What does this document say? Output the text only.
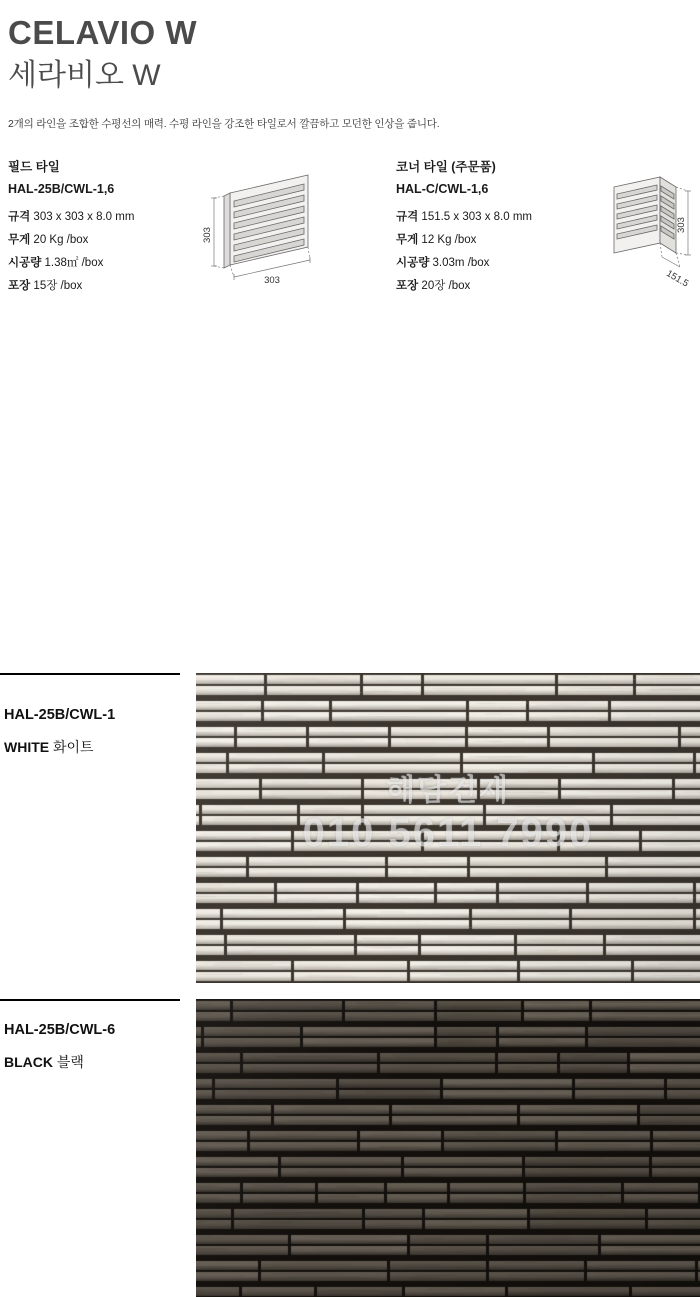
CELAVIO W
세라비오 W

2개의 라인을 조합한 수평선의 매력. 수평 라인을 강조한 타일로서 깔끔하고 모던한 인상을 줍니다.

필드 타일
HAL-25B/CWL-1,6
규격 303 x 303 x 8.0 mm
무게 20 Kg /box
시공량 1.38㎡ /box
포장 15장 /box
303
303
코너 타일 (주문품)
HAL-C/CWL-1,6
규격 151.5 x 303 x 8.0 mm
무게 12 Kg /box
시공량 3.03m /box
포장 20장 /box
303
151.5

HAL-25B/CWL-1

WHITE 화이트

해담건재
010 5611 7990

HAL-25B/CWL-6

BLACK 블랙
